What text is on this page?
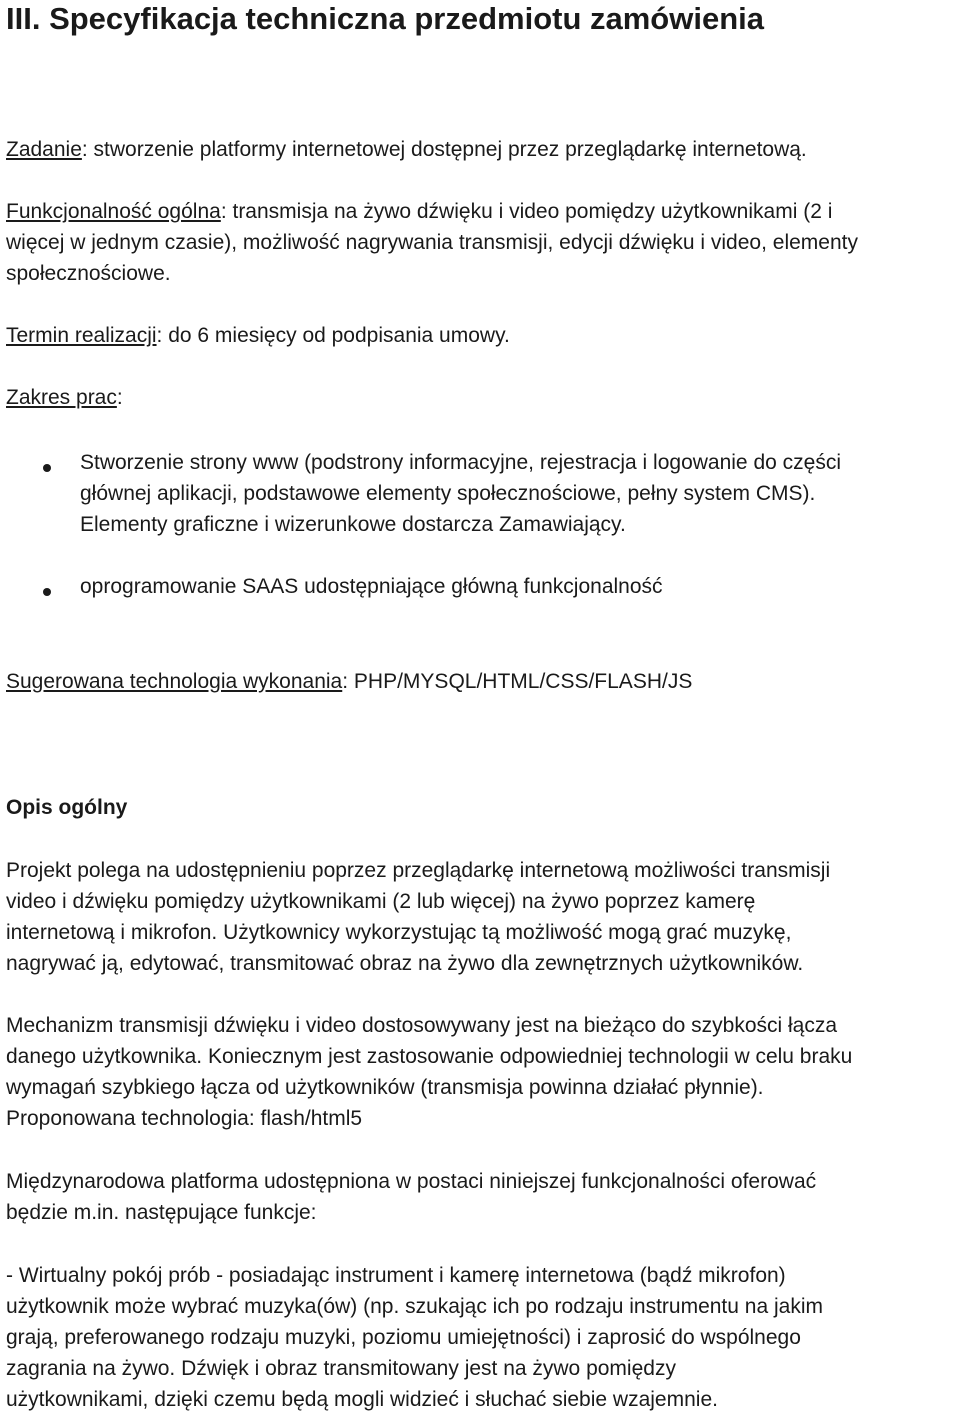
III. Specyfikacja techniczna przedmiotu zamówienia

Zadanie: stworzenie platformy internetowej dostępnej przez przeglądarkę internetową.

Funkcjonalność ogólna: transmisja na żywo dźwięku i video pomiędzy użytkownikami (2 i

więcej w jednym czasie), możliwość nagrywania transmisji, edycji dźwięku i video, elementy

społecznościowe.

Termin realizacji: do 6 miesięcy od podpisania umowy.

Zakres prac:

Stworzenie strony www (podstrony informacyjne, rejestracja i logowanie do części

głównej aplikacji, podstawowe elementy społecznościowe, pełny system CMS).

Elementy graficzne i wizerunkowe dostarcza Zamawiający.

oprogramowanie SAAS udostępniające główną funkcjonalność

Sugerowana technologia wykonania: PHP/MYSQL/HTML/CSS/FLASH/JS

Opis ogólny

Projekt polega na udostępnieniu poprzez przeglądarkę internetową możliwości transmisji

video i dźwięku pomiędzy użytkownikami (2 lub więcej) na żywo poprzez kamerę

internetową i mikrofon. Użytkownicy wykorzystując tą możliwość mogą grać muzykę,

nagrywać ją, edytować, transmitować obraz na żywo dla zewnętrznych użytkowników.

Mechanizm transmisji dźwięku i video dostosowywany jest na bieżąco do szybkości łącza

danego użytkownika. Koniecznym jest zastosowanie odpowiedniej technologii w celu braku

wymagań szybkiego łącza od użytkowników (transmisja powinna działać płynnie).

Proponowana technologia: flash/html5

Międzynarodowa platforma udostępniona w postaci niniejszej funkcjonalności oferować

będzie m.in. następujące funkcje:

- Wirtualny pokój prób - posiadając instrument i kamerę internetowa (bądź mikrofon)

użytkownik może wybrać muzyka(ów) (np. szukając ich po rodzaju instrumentu na jakim

grają, preferowanego rodzaju muzyki, poziomu umiejętności) i zaprosić do wspólnego

zagrania na żywo. Dźwięk i obraz transmitowany jest na żywo pomiędzy

użytkownikami, dzięki czemu będą mogli widzieć i słuchać siebie wzajemnie.
